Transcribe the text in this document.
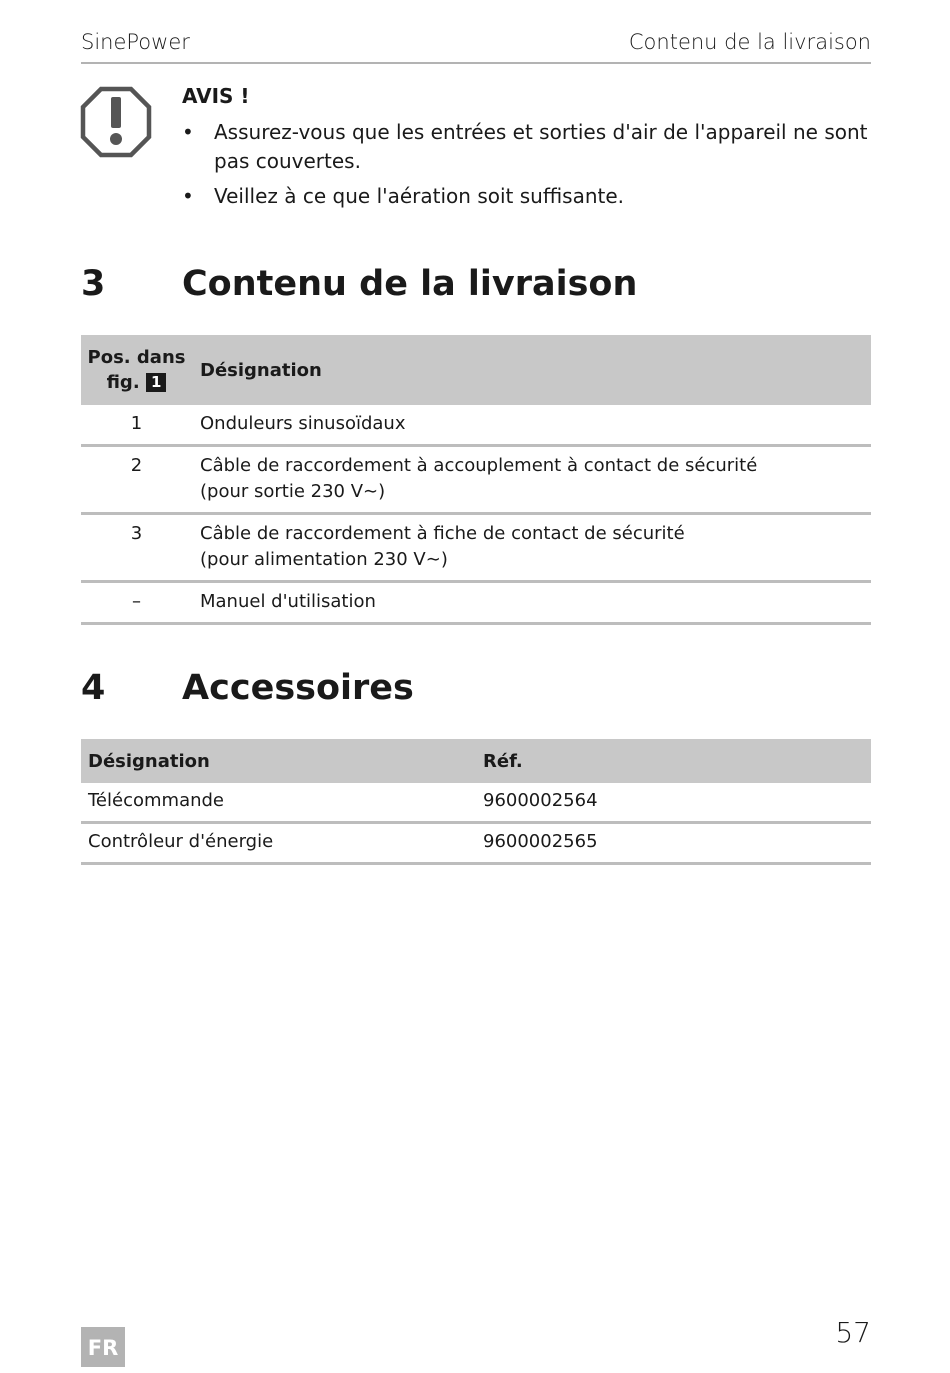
SinePower	Contenu de la livraison
AVIS !
• Assurez-vous que les entrées et sorties d'air de l'appareil ne sont pas couvertes.
• Veillez à ce que l'aération soit suffisante.
3 Contenu de la livraison
Pos. dans
fig. 1	Désignation
1	Onduleurs sinusoïdaux
2	Câble de raccordement à accouplement à contact de sécurité
(pour sortie 230 V∼)
3	Câble de raccordement à fiche de contact de sécurité
(pour alimentation 230 V∼)
–	Manuel d'utilisation
4 Accessoires
Désignation	Réf.
Télécommande	9600002564
Contrôleur d'énergie	9600002565
FR	57
